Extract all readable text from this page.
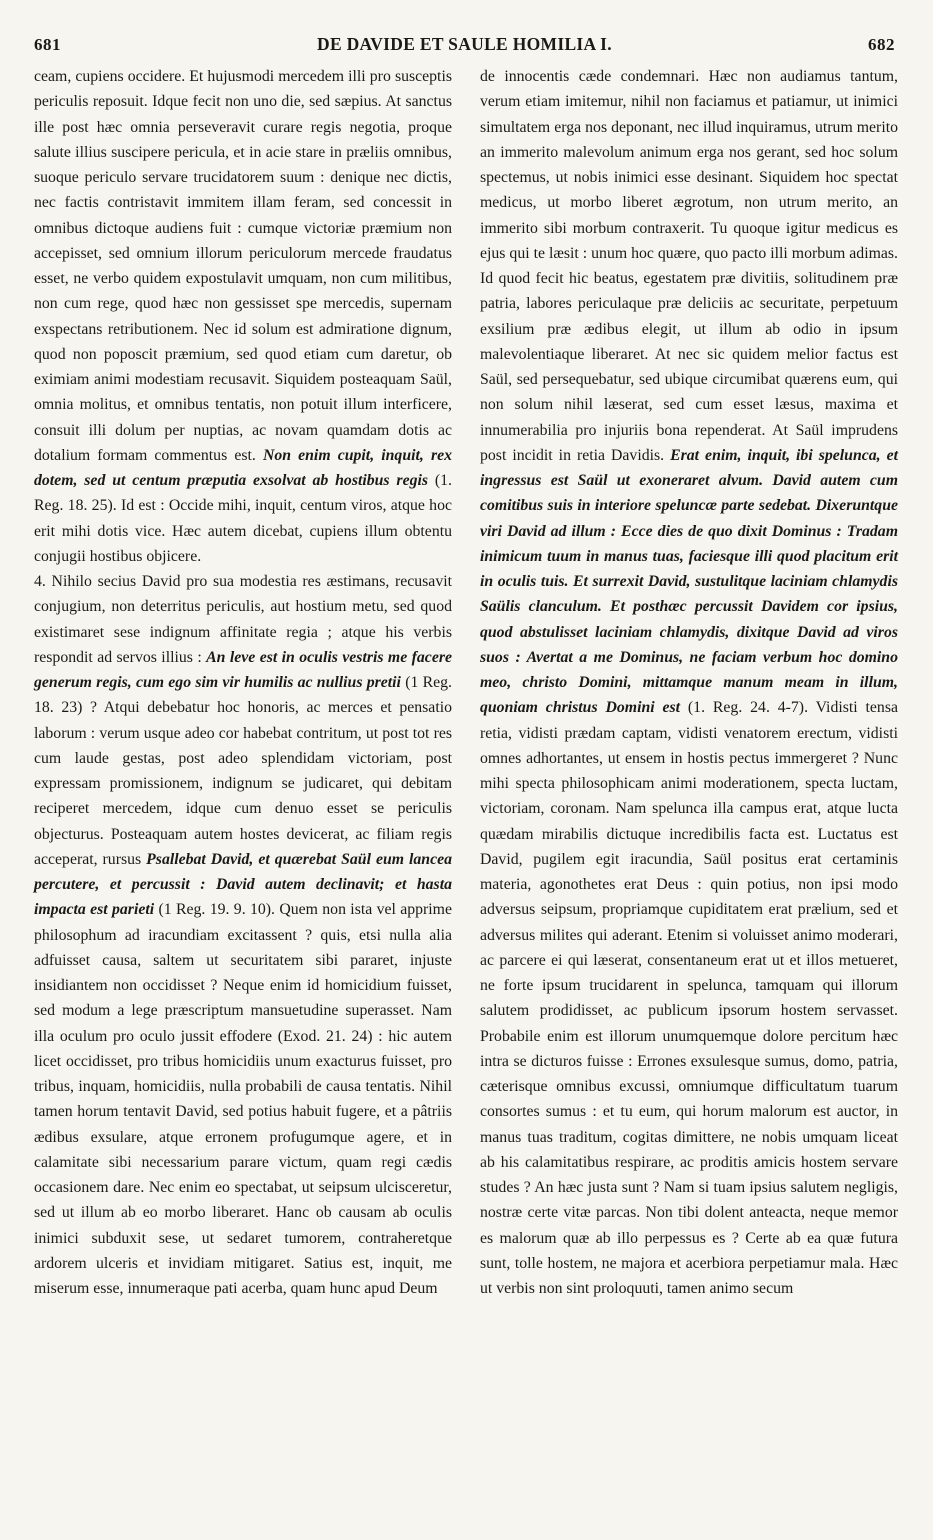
681	DE DAVIDE ET SAULE HOMILIA I.	682

ceam, cupiens occidere. Et hujusmodi mercedem illi pro susceptis periculis reposuit. Idque fecit non uno die, sed sæpius. At sanctus ille post hæc omnia perseveravit curare regis negotia, proque salute illius suscipere pericula, et in acie stare in præliis omnibus, suoque periculo servare trucidatorem suum : denique nec dictis, nec factis contristavit immitem illam feram, sed concessit in omnibus dictoque audiens fuit : cumque victoriæ præmium non accepisset, sed omnium illorum periculorum mercede fraudatus esset, ne verbo quidem expostulavit umquam, non cum militibus, non cum rege, quod hæc non gessisset spe mercedis, supernam exspectans retributionem. Nec id solum est admiratione dignum, quod non poposcit præmium, sed quod etiam cum daretur, ob eximiam animi modestiam recusavit. Siquidem posteaquam Saül, omnia molitus, et omnibus tentatis, non potuit illum interficere, consuit illi dolum per nuptias, ac novam quamdam dotis ac dotalium formam commentus est. Non enim cupit, inquit, rex dotem, sed ut centum præputia exsolvat ab hostibus regis (1. Reg. 18. 25). Id est : Occide mihi, inquit, centum viros, atque hoc erit mihi dotis vice. Hæc autem dicebat, cupiens illum obtentu conjugii hostibus objicere.

4. Nihilo secius David pro sua modestia res æstimans, recusavit conjugium, non deterritus periculis, aut hostium metu, sed quod existimaret sese indignum affinitate regia ; atque his verbis respondit ad servos illius : An leve est in oculis vestris me facere generum regis, cum ego sim vir humilis ac nullius pretii (1 Reg. 18. 23) ? Atqui debebatur hoc honoris, ac merces et pensatio laborum : verum usque adeo cor habebat contritum, ut post tot res cum laude gestas, post adeo splendidam victoriam, post expressam promissionem, indignum se judicaret, qui debitam reciperet mercedem, idque cum denuo esset se periculis objecturus. Posteaquam autem hostes devicerat, ac filiam regis acceperat, rursus Psallebat David, et quærebat Saül eum lancea percutere, et percussit : David autem declinavit; et hasta impacta est parieti (1 Reg. 19. 9. 10). Quem non ista vel apprime philosophum ad iracundiam excitassent ? quis, etsi nulla alia adfuisset causa, saltem ut securitatem sibi pararet, injuste insidiantem non occidisset ? Neque enim id homicidium fuisset, sed modum a lege præscriptum mansuetudine superasset. Nam illa oculum pro oculo jussit effodere (Exod. 21. 24) : hic autem licet occidisset, pro tribus homicidiis unum exacturus fuisset, pro tribus, inquam, homicidiis, nulla probabili de causa tentatis. Nihil tamen horum tentavit David, sed potius habuit fugere, et a pâtriis ædibus exsulare, atque erronem profugumque agere, et in calamitate sibi necessarium parare victum, quam regi cædis occasionem dare. Nec enim eo spectabat, ut seipsum ulcisceretur, sed ut illum ab eo morbo liberaret. Hanc ob causam ab oculis inimici subduxit sese, ut sedaret tumorem, contraheretque ardorem ulceris et invidiam mitigaret. Satius est, inquit, me miserum esse, innumeraque pati acerba, quam hunc apud Deum

de innocentis cæde condemnari. Hæc non audiamus tantum, verum etiam imitemur, nihil non faciamus et patiamur, ut inimici simultatem erga nos deponant, nec illud inquiramus, utrum merito an immerito malevolum animum erga nos gerant, sed hoc solum spectemus, ut nobis inimici esse desinant. Siquidem hoc spectat medicus, ut morbo liberet ægrotum, non utrum merito, an immerito sibi morbum contraxerit. Tu quoque igitur medicus es ejus qui te læsit : unum hoc quære, quo pacto illi morbum adimas. Id quod fecit hic beatus, egestatem præ divitiis, solitudinem præ patria, labores periculaque præ deliciis ac securitate, perpetuum exsilium præ ædibus elegit, ut illum ab odio in ipsum malevolentiaque liberaret. At nec sic quidem melior factus est Saül, sed persequebatur, sed ubique circumibat quærens eum, qui non solum nihil læserat, sed cum esset læsus, maxima et innumerabilia pro injuriis bona rependerat. At Saül imprudens post incidit in retia Davidis. Erat enim, inquit, ibi spelunca, et ingressus est Saül ut exoneraret alvum. David autem cum comitibus suis in interiore speluncæ parte sedebat. Dixeruntque viri David ad illum : Ecce dies de quo dixit Dominus : Tradam inimicum tuum in manus tuas, faciesque illi quod placitum erit in oculis tuis. Et surrexit David, sustulitque laciniam chlamydis Saülis clanculum. Et posthæc percussit Davidem cor ipsius, quod abstulisset laciniam chlamydis, dixitque David ad viros suos : Avertat a me Dominus, ne faciam verbum hoc domino meo, christo Domini, mittamque manum meam in illum, quoniam christus Domini est (1. Reg. 24. 4-7). Vidisti tensa retia, vidisti prædam captam, vidisti venatorem erectum, vidisti omnes adhortantes, ut ensem in hostis pectus immergeret ? Nunc mihi specta philosophicam animi moderationem, specta luctam, victoriam, coronam. Nam spelunca illa campus erat, atque lucta quædam mirabilis dictuque incredibilis facta est. Luctatus est David, pugilem egit iracundia, Saül positus erat certaminis materia, agonothetes erat Deus : quin potius, non ipsi modo adversus seipsum, propriamque cupiditatem erat prælium, sed et adversus milites qui aderant. Etenim si voluisset animo moderari, ac parcere ei qui læserat, consentaneum erat ut et illos metueret, ne forte ipsum trucidarent in spelunca, tamquam qui illorum salutem prodidisset, ac publicum ipsorum hostem servasset. Probabile enim est illorum unumquemque dolore percitum hæc intra se dicturos fuisse : Errones exsulesque sumus, domo, patria, cæterisque omnibus excussi, omniumque difficultatum tuarum consortes sumus : et tu eum, qui horum malorum est auctor, in manus tuas traditum, cogitas dimittere, ne nobis umquam liceat ab his calamitatibus respirare, ac proditis amicis hostem servare studes ? An hæc justa sunt ? Nam si tuam ipsius salutem negligis, nostræ certe vitæ parcas. Non tibi dolent anteacta, neque memor es malorum quæ ab illo perpessus es ? Certe ab ea quæ futura sunt, tolle hostem, ne majora et acerbiora perpetiamur mala. Hæc ut verbis non sint proloquuti, tamen animo secum
